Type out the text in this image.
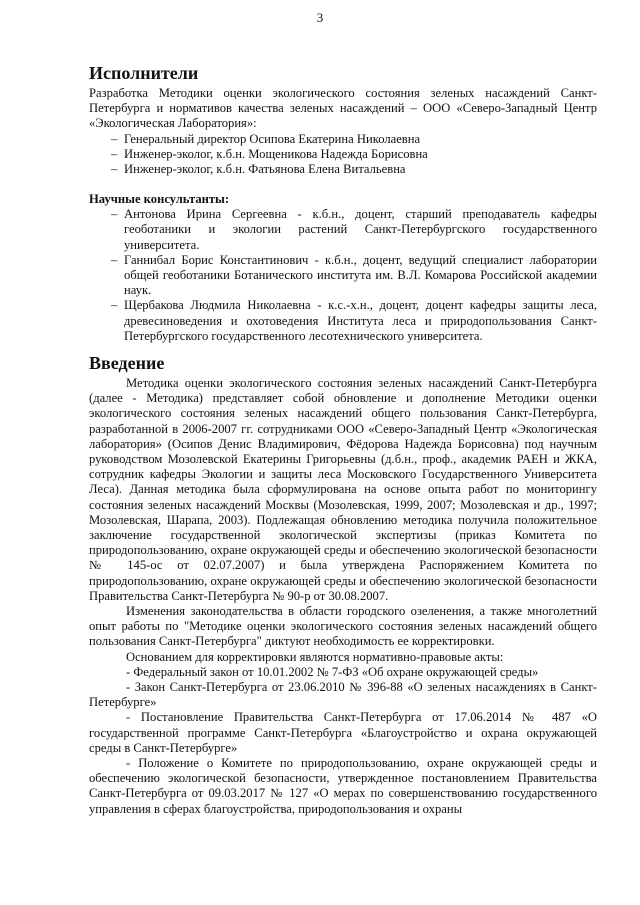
3
Исполнители
Разработка Методики оценки экологического состояния зеленых насаждений Санкт-Петербурга и нормативов качества зеленых насаждений – ООО «Северо-Западный Центр «Экологическая Лаборатория»:
– Генеральный директор Осипова Екатерина Николаевна
– Инженер-эколог, к.б.н. Мощеникова Надежда Борисовна
– Инженер-эколог, к.б.н. Фатьянова Елена Витальевна
Научные консультанты:
– Антонова Ирина Сергеевна - к.б.н., доцент, старший преподаватель кафедры геоботаники и экологии растений Санкт-Петербургского государственного университета.
– Ганнибал Борис Константинович - к.б.н., доцент, ведущий специалист лаборатории общей геоботаники Ботанического института им. В.Л. Комарова Российской академии наук.
– Щербакова Людмила Николаевна - к.с.-х.н., доцент, доцент кафедры защиты леса, древесиноведения и охотоведения Института леса и природопользования Санкт-Петербургского государственного лесотехнического университета.
Введение
Методика оценки экологического состояния зеленых насаждений Санкт-Петербурга (далее - Методика) представляет собой обновление и дополнение Методики оценки экологического состояния зеленых насаждений общего пользования Санкт-Петербурга, разработанной в 2006-2007 гг. сотрудниками ООО «Северо-Западный Центр «Экологическая лаборатория» (Осипов Денис Владимирович, Фёдорова Надежда Борисовна) под научным руководством Мозолевской Екатерины Григорьевны (д.б.н., проф., академик РАЕН и ЖКА, сотрудник кафедры Экологии и защиты леса Московского Государственного Университета Леса). Данная методика была сформулирована на основе опыта работ по мониторингу состояния зеленых насаждений Москвы (Мозолевская, 1999, 2007; Мозолевская и др., 1997; Мозолевская, Шарапа, 2003). Подлежащая обновлению методика получила положительное заключение государственной экологической экспертизы (приказ Комитета по природопользованию, охране окружающей среды и обеспечению экологической безопасности № 145-ос от 02.07.2007) и была утверждена Распоряжением Комитета по природопользованию, охране окружающей среды и обеспечению экологической безопасности Правительства Санкт-Петербурга № 90-р от 30.08.2007.
Изменения законодательства в области городского озеленения, а также многолетний опыт работы по "Методике оценки экологического состояния зеленых насаждений общего пользования Санкт-Петербурга" диктуют необходимость ее корректировки.
Основанием для корректировки являются нормативно-правовые акты:
- Федеральный закон от 10.01.2002 № 7-ФЗ «Об охране окружающей среды»
- Закон Санкт-Петербурга от 23.06.2010 № 396-88 «О зеленых насаждениях в Санкт-Петербурге»
- Постановление Правительства Санкт-Петербурга от 17.06.2014 № 487 «О государственной программе Санкт-Петербурга «Благоустройство и охрана окружающей среды в Санкт-Петербурге»
- Положение о Комитете по природопользованию, охране окружающей среды и обеспечению экологической безопасности, утвержденное постановлением Правительства Санкт-Петербурга от 09.03.2017 № 127 «О мерах по совершенствованию государственного управления в сферах благоустройства, природопользования и охраны
